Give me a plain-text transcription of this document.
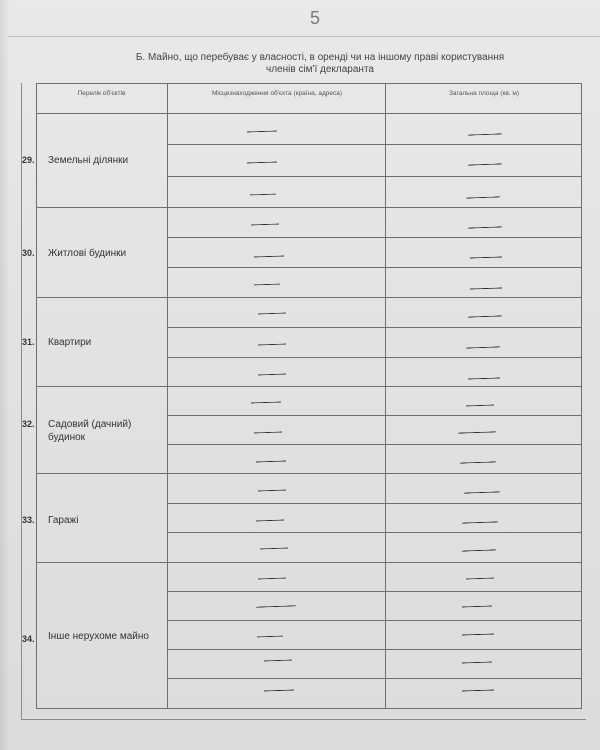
5
Б. Майно, що перебуває у власності, в оренді чи на іншому праві користування
членів сім'ї декларанта
Перелік об'єктів	Місцезнаходження об'єкта (країна, адреса)	Загальна площа (кв. м)
29. Земельні ділянки
30. Житлові будинки
31. Квартири
32. Садовий (дачний) будинок
33. Гаражі
34. Інше нерухоме майно
